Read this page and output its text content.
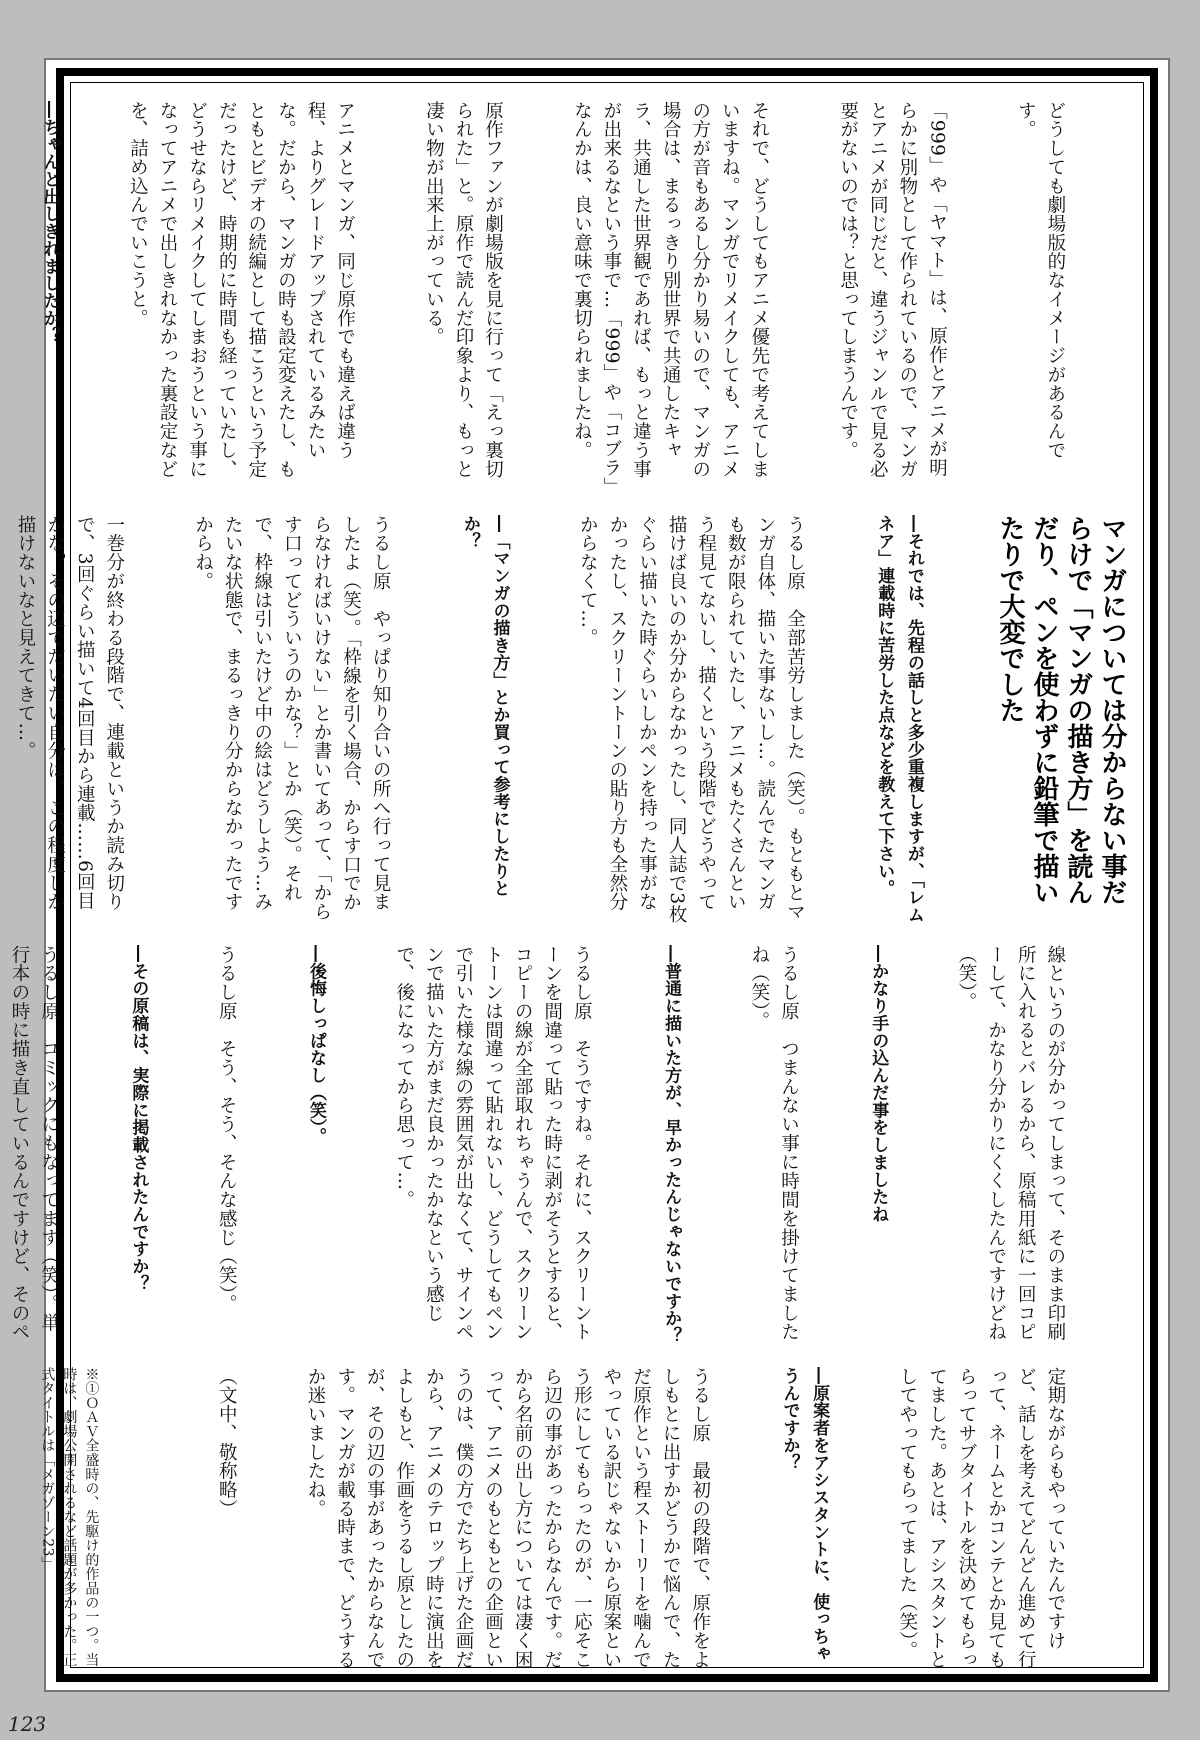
どうしても劇場版的なイメージがあるんです。

「999」や「ヤマト」は、原作とアニメが明らかに別物として作られているので、マンガとアニメが同じだと、違うジャンルで見る必要がないのでは？と思ってしまうんです。

それで、どうしてもアニメ優先で考えてしまいますね。マンガでリメイクしても、アニメの方が音もあるし分かり易いので、マンガの場合は、まるっきり別世界で共通したキャラ、共通した世界観であれば、もっと違う事が出来るなという事で…「999」や「コブラ」なんかは、良い意味で裏切られましたね。

原作ファンが劇場版を見に行って「えっ裏切られた」と。原作で読んだ印象より、もっと凄い物が出来上がっている。

アニメとマンガ、同じ原作でも違えば違う程、よりグレードアップされているみたいな。だから、マンガの時も設定変えたし、もともとビデオの続編として描こうという予定だったけど、時期的に時間も経っていたし、どうせならリメイクしてしまおうという事になってアニメで出しきれなかった裏設定などを、詰め込んでいこうと。

―ちゃんと出しきれましたか？

マンガについては分からない事だらけで「マンガの描き方」を読んだり、ペンを使わずに鉛筆で描いたりで大変でした

―それでは、先程の話しと多少重複しますが、「レムネア」連載時に苦労した点などを教えて下さい。

うるし原　全部苦労しました（笑）。もともとマンガ自体、描いた事ないし…。読んでたマンガも数が限られていたし、アニメもたくさんという程見てないし、描くという段階でどうやって描けば良いのか分からなかったし、同人誌で3枚ぐらい描いた時ぐらいしかペンを持った事がなかったし、スクリーントーンの貼り方も全然分からなくて…。

―「マンガの描き方」とか買って参考にしたりとか？

うるし原　やっぱり知り合いの所へ行って見ましたよ（笑）。「枠線を引く場合、からす口でからなければいけない」とか書いてあって、「からす口ってどういうのかな？」とか（笑）。それで、枠線は引いたけど中の絵はどうしよう…みたいな状態で、まるっきり分からなかったですからね。

一巻分が終わる段階で、連載というか読み切りで、3回ぐらい描いて4回目から連載……6回目かな？その辺でだいたい自分は、この程度しか描けないなと見えてきて…。

線というのが分かってしまって、そのまま印刷所に入れるとバレるから、原稿用紙に一回コピーして、かなり分かりにくくしたんですけどね（笑）。

―かなり手の込んだ事をしましたね

うるし原　つまんない事に時間を掛けてましたね（笑）。

―普通に描いた方が、早かったんじゃないですか？

うるし原　そうですね。それに、スクリーントーンを間違って貼った時に剥がそうとすると、コピーの線が全部取れちゃうんで、スクリーントーンは間違って貼れないし、どうしてもペンで引いた様な線の雰囲気が出なくて、サインペンで描いた方がまだ良かったかなという感じで、後になってから思って…。

―後悔しっぱなし（笑）。

うるし原　そう、そう、そんな感じ（笑）。

―その原稿は、実際に掲載されたんですか？

うるし原　コミックにもなってます（笑）。単行本の時に描き直しているんですけど、そのペ

定期ながらもやっていたんですけど、話しを考えてどんどん進めて行って、ネームとかコンテとか見てもらってサブタイトルを決めてもらってました。あとは、アシスタントとしてやってもらってました（笑）。

―原案者をアシスタントに、使っちゃうんですか？

うるし原　最初の段階で、原作をよしもとに出すかどうかで悩んで、ただ原作という程ストーリーを噛んでやっている訳じゃないから原案という形にしてもらったのが、一応そこら辺の事があったからなんです。だから名前の出し方については凄く困って、アニメのもともとの企画というのは、僕の方でたち上げた企画だから、アニメのテロップ時に演出をよしもと、作画をうるし原としたのが、その辺の事があったからなんです。マンガが載る時まで、どうするか迷いましたね。

（文中、敬称略）

※①ＯＡＶ全盛時の、先駆け的作品の一つ。当時は、劇場公開されるなど話題が多かった。正式タイトルは「メガゾーン23」

123
